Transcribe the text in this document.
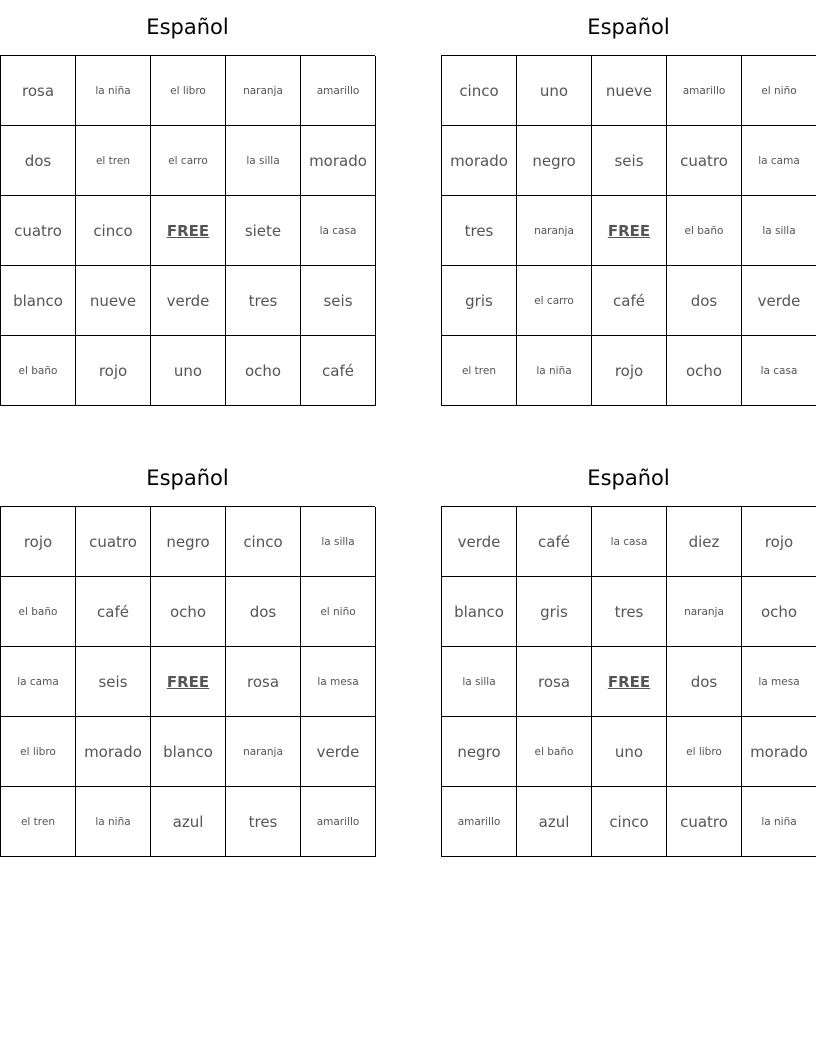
Español
rosa	la niña	el libro	naranja	amarillo
dos	el tren	el carro	la silla	morado
cuatro	cinco	FREE	siete	la casa
blanco	nueve	verde	tres	seis
el baño	rojo	uno	ocho	café
Español
cinco	uno	nueve	amarillo	el niño
morado	negro	seis	cuatro	la cama
tres	naranja	FREE	el baño	la silla
gris	el carro	café	dos	verde
el tren	la niña	rojo	ocho	la casa
Español
rojo	cuatro	negro	cinco	la silla
el baño	café	ocho	dos	el niño
la cama	seis	FREE	rosa	la mesa
el libro	morado	blanco	naranja	verde
el tren	la niña	azul	tres	amarillo
Español
verde	café	la casa	diez	rojo
blanco	gris	tres	naranja	ocho
la silla	rosa	FREE	dos	la mesa
negro	el baño	uno	el libro	morado
amarillo	azul	cinco	cuatro	la niña
